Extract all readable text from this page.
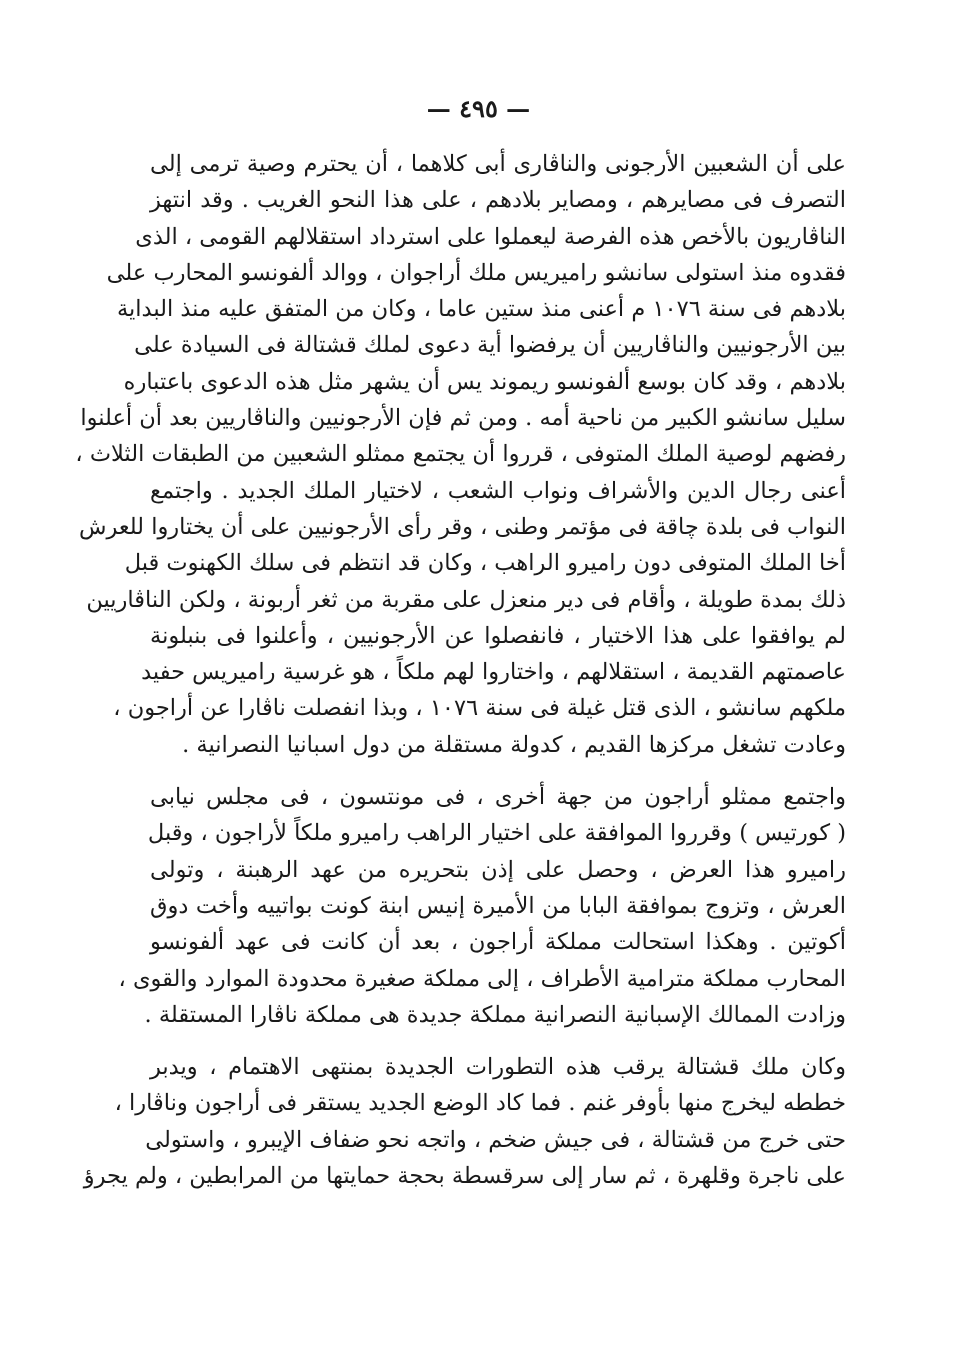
— ٤٩٥ —
على أن الشعبين الأرجونى والناڤارى أبى كلاهما ، أن يحترم وصية ترمى إلى
التصرف فى مصايرهم ، ومصاير بلادهم ، على هذا النحو الغريب . وقد انتهز
الناڤاريون بالأخص هذه الفرصة ليعملوا على استرداد استقلالهم القومى ، الذى
فقدوه منذ استولى سانشو راميريس ملك أراجوان ، ووالد ألفونسو المحارب على
بلادهم فى سنة ١٠٧٦ م أعنى منذ ستين عاما ، وكان من المتفق عليه منذ البداية
بين الأرجونيين والناڤاريين أن يرفضوا أية دعوى لملك قشتالة فى السيادة على
بلادهم ، وقد كان بوسع ألفونسو ريموند يس أن يشهر مثل هذه الدعوى باعتباره
سليل سانشو الكبير من ناحية أمه . ومن ثم فإن الأرجونيين والناڤاريين بعد أن أعلنوا
رفضهم لوصية الملك المتوفى ، قرروا أن يجتمع ممثلو الشعبين من الطبقات الثلاث ،
أعنى رجال الدين والأشراف ونواب الشعب ، لاختيار الملك الجديد . واجتمع
النواب فى بلدة چاقة فى مؤتمر وطنى ، وقر رأى الأرجونيين على أن يختاروا للعرش
أخا الملك المتوفى دون راميرو الراهب ، وكان قد انتظم فى سلك الكهنوت قبل
ذلك بمدة طويلة ، وأقام فى دير منعزل على مقربة من ثغر أربونة ، ولكن الناڤاريين
لم يوافقوا على هذا الاختيار ، فانفصلوا عن الأرجونيين ، وأعلنوا فى بنبلونة
عاصمتهم القديمة ، استقلالهم ، واختاروا لهم ملكاً ، هو غرسية راميريس حفيد
ملكهم سانشو ، الذى قتل غيلة فى سنة ١٠٧٦ ، وبذا انفصلت ناڤارا عن أراجون ،
وعادت تشغل مركزها القديم ، كدولة مستقلة من دول اسبانيا النصرانية .
واجتمع ممثلو أراجون من جهة أخرى ، فى مونتسون ، فى مجلس نيابى
( كورتيس ) وقرروا الموافقة على اختيار الراهب راميرو ملكاً لأراجون ، وقبل
راميرو هذا العرض ، وحصل على إذن بتحريره من عهد الرهبنة ، وتولى
العرش ، وتزوج بموافقة البابا من الأميرة إنيس ابنة كونت بواتييه وأخت دوق
أكوتين . وهكذا استحالت مملكة أراجون ، بعد أن كانت فى عهد ألفونسو
المحارب مملكة مترامية الأطراف ، إلى مملكة صغيرة محدودة الموارد والقوى ،
وزادت الممالك الإسبانية النصرانية مملكة جديدة هى مملكة ناڤارا المستقلة .
وكان ملك قشتالة يرقب هذه التطورات الجديدة بمنتهى الاهتمام ، ويدبر
خططه ليخرج منها بأوفر غنم . فما كاد الوضع الجديد يستقر فى أراجون وناڤارا ،
حتى خرج من قشتالة ، فى جيش ضخم ، واتجه نحو ضفاف الإيبرو ، واستولى
على ناجرة وقلهرة ، ثم سار إلى سرقسطة بحجة حمايتها من المرابطين ، ولم يجرؤ
